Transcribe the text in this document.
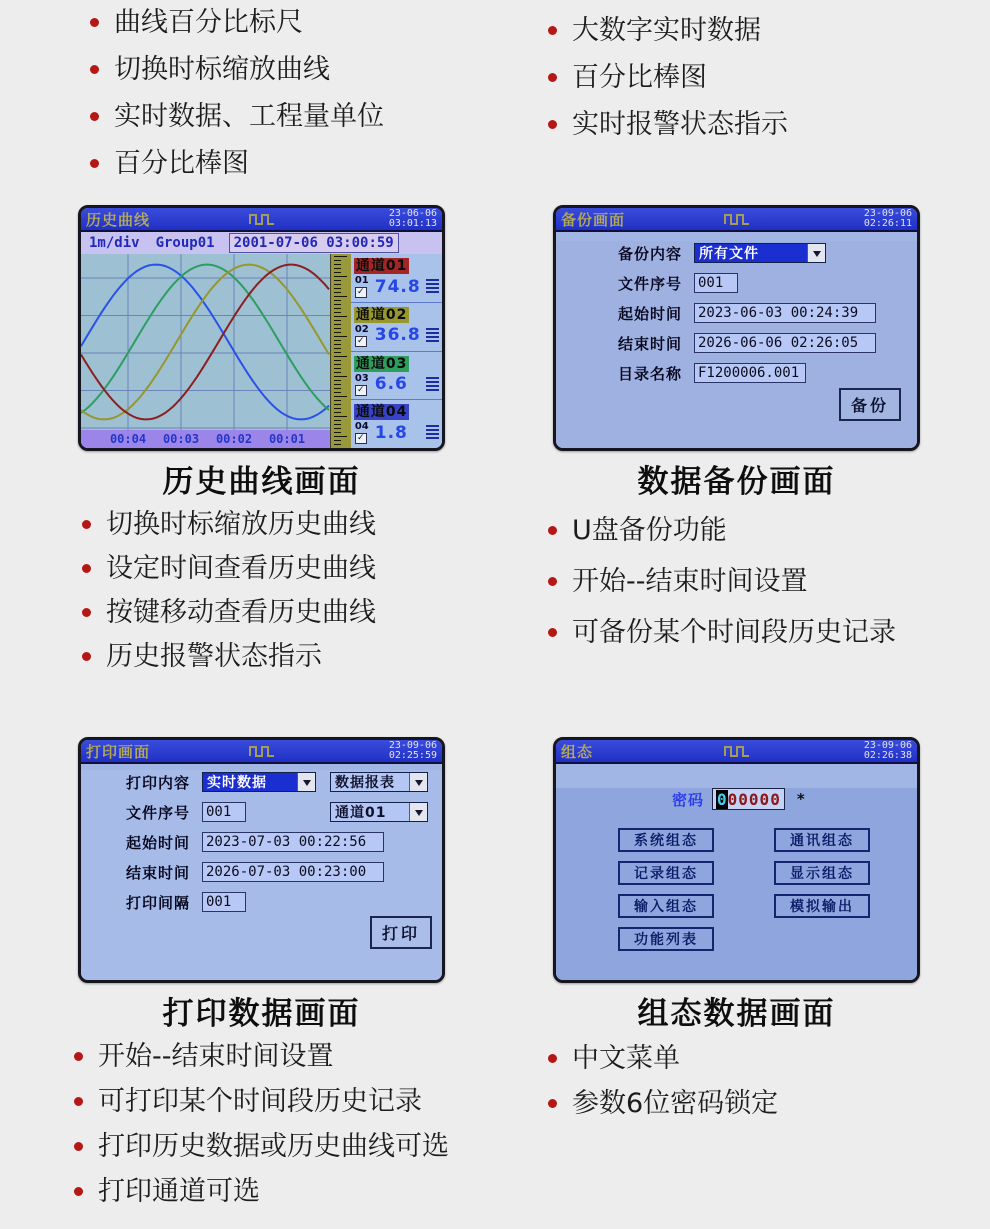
曲线百分比标尺
切换时标缩放曲线
实时数据、工程量单位
百分比棒图
大数字实时数据
百分比棒图
实时报警状态指示
历史曲线	23-06-06
03:01:13
1m/div Group01	2001-07-06 03:00:59
00:04 00:03 00:02 00:01
通道01
01 ✓ 74.8
通道02
02 ✓ 36.8
通道03
03 ✓ 6.6
通道04
04 ✓ 1.8
备份画面	23-09-06
02:26:11
备份内容 所有文件
文件序号 001
起始时间 2023-06-03 00:24:39
结束时间 2026-06-06 02:26:05
目录名称 F1200006.001
备份
打印画面	23-09-06
02:25:59
打印内容 实时数据	数据报表
文件序号 001	通道01
起始时间 2023-07-03 00:22:56
结束时间 2026-07-03 00:23:00
打印间隔 001
打印
组态	23-09-06
02:26:38
密码 0 00000 *
系统组态
记录组态
输入组态
功能列表
通讯组态
显示组态
模拟输出
历史曲线画面	数据备份画面
打印数据画面	组态数据画面
切换时标缩放历史曲线
设定时间查看历史曲线
按键移动查看历史曲线
历史报警状态指示
U盘备份功能
开始--结束时间设置
可备份某个时间段历史记录
开始--结束时间设置
可打印某个时间段历史记录
打印历史数据或历史曲线可选
打印通道可选
中文菜单
参数6位密码锁定
